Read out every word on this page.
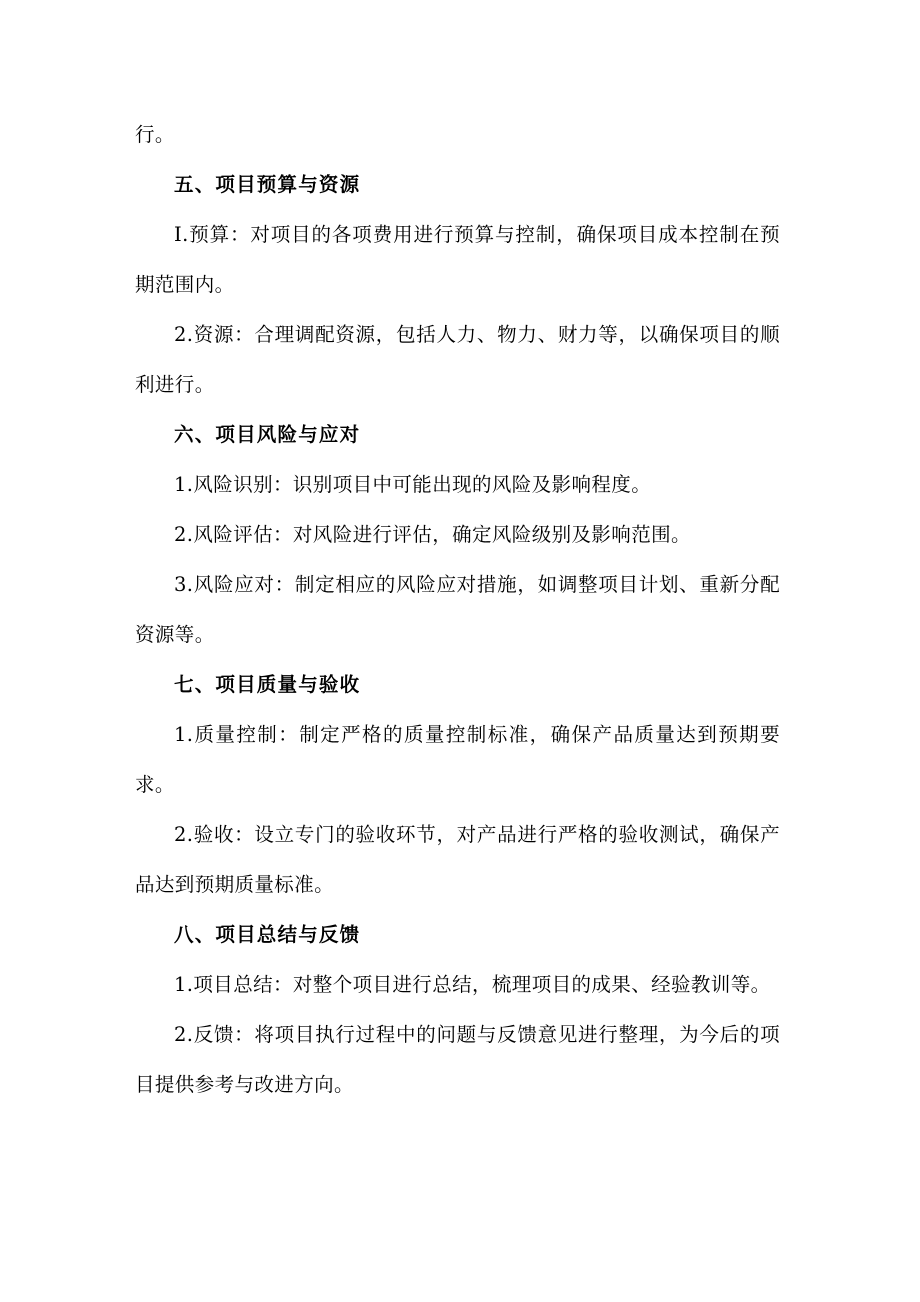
行。

五、项目预算与资源

I.预算：对项目的各项费用进行预算与控制，确保项目成本控制在预期范围内。

2.资源：合理调配资源，包括人力、物力、财力等，以确保项目的顺利进行。

六、项目风险与应对

1.风险识别：识别项目中可能出现的风险及影响程度。

2.风险评估：对风险进行评估，确定风险级别及影响范围。

3.风险应对：制定相应的风险应对措施，如调整项目计划、重新分配资源等。

七、项目质量与验收

1.质量控制：制定严格的质量控制标准，确保产品质量达到预期要求。

2.验收：设立专门的验收环节，对产品进行严格的验收测试，确保产品达到预期质量标准。

八、项目总结与反馈

1.项目总结：对整个项目进行总结，梳理项目的成果、经验教训等。

2.反馈：将项目执行过程中的问题与反馈意见进行整理，为今后的项目提供参考与改进方向。
